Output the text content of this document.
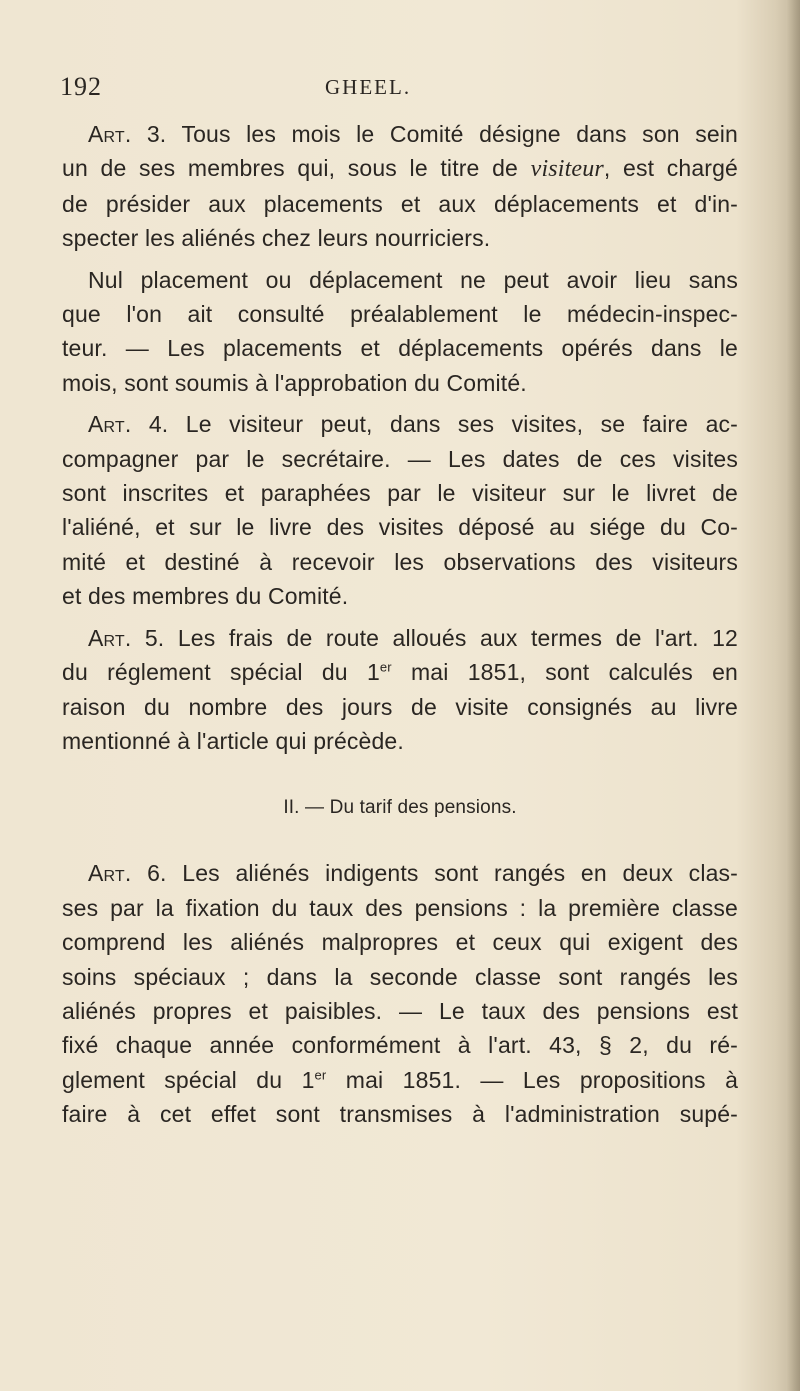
192	GHEEL.
Art. 3. Tous les mois le Comité désigne dans son sein
un de ses membres qui, sous le titre de visiteur, est chargé
de présider aux placements et aux déplacements et d'in-
specter les aliénés chez leurs nourriciers.
Nul placement ou déplacement ne peut avoir lieu sans
que l'on ait consulté préalablement le médecin-inspec-
teur. — Les placements et déplacements opérés dans le
mois, sont soumis à l'approbation du Comité.
Art. 4. Le visiteur peut, dans ses visites, se faire ac-
compagner par le secrétaire. — Les dates de ces visites
sont inscrites et paraphées par le visiteur sur le livret de
l'aliéné, et sur le livre des visites déposé au siége du Co-
mité et destiné à recevoir les observations des visiteurs
et des membres du Comité.
Art. 5. Les frais de route alloués aux termes de l'art. 12
du réglement spécial du 1er mai 1851, sont calculés en
raison du nombre des jours de visite consignés au livre
mentionné à l'article qui précède.
II. — Du tarif des pensions.
Art. 6. Les aliénés indigents sont rangés en deux clas-
ses par la fixation du taux des pensions : la première classe
comprend les aliénés malpropres et ceux qui exigent des
soins spéciaux ; dans la seconde classe sont rangés les
aliénés propres et paisibles. — Le taux des pensions est
fixé chaque année conformément à l'art. 43, § 2, du ré-
glement spécial du 1er mai 1851. — Les propositions à
faire à cet effet sont transmises à l'administration supé-
